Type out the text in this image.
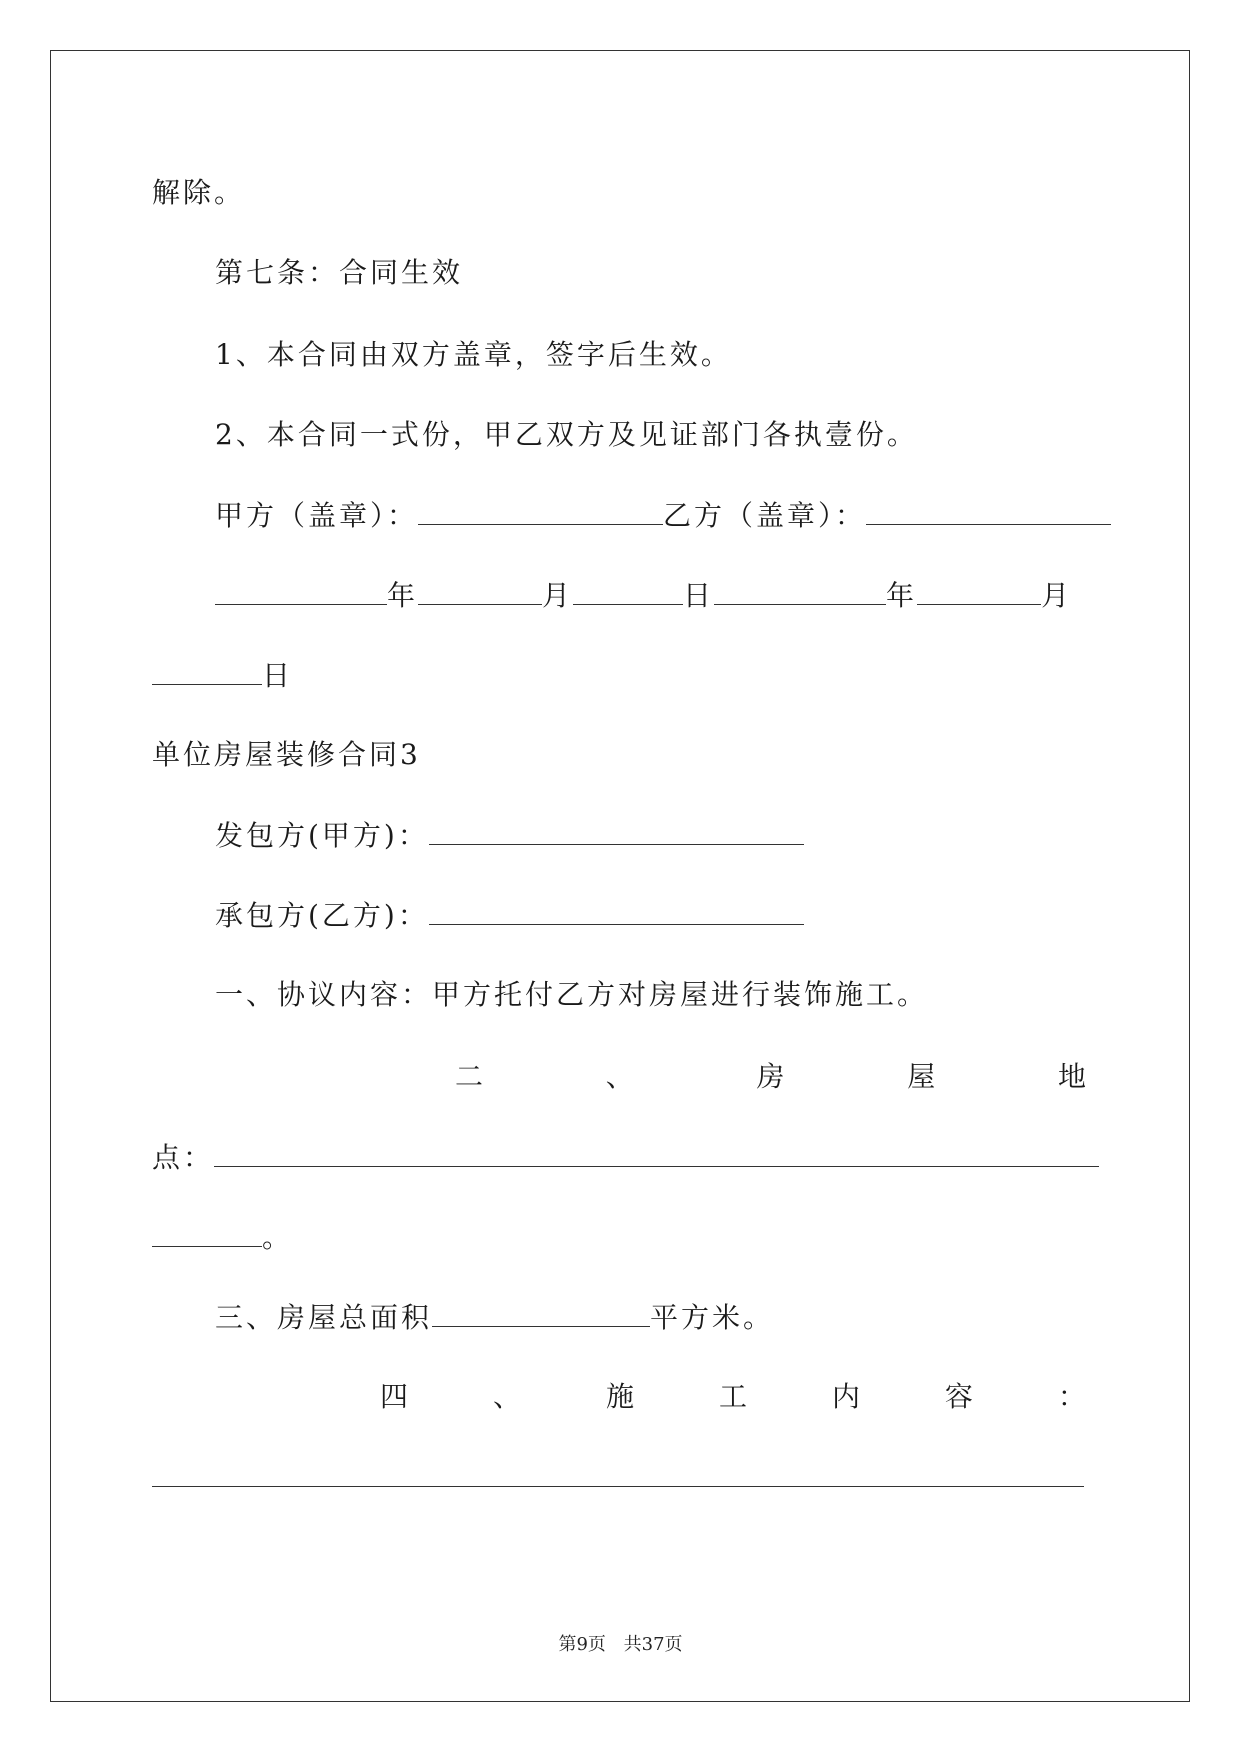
解除。
第七条：合同生效
1、本合同由双方盖章，签字后生效。
2、本合同一式份，甲乙双方及见证部门各执壹份。
甲方（盖章）：	乙方（盖章）：
年	月	日	年	月
日
单位房屋装修合同3
发包方(甲方)：
承包方(乙方)：
一、协议内容：甲方托付乙方对房屋进行装饰施工。
二	、	房	屋	地
点：
。
三、房屋总面积	平方米。
四	、	施	工	内	容	：
第9页 共37页
